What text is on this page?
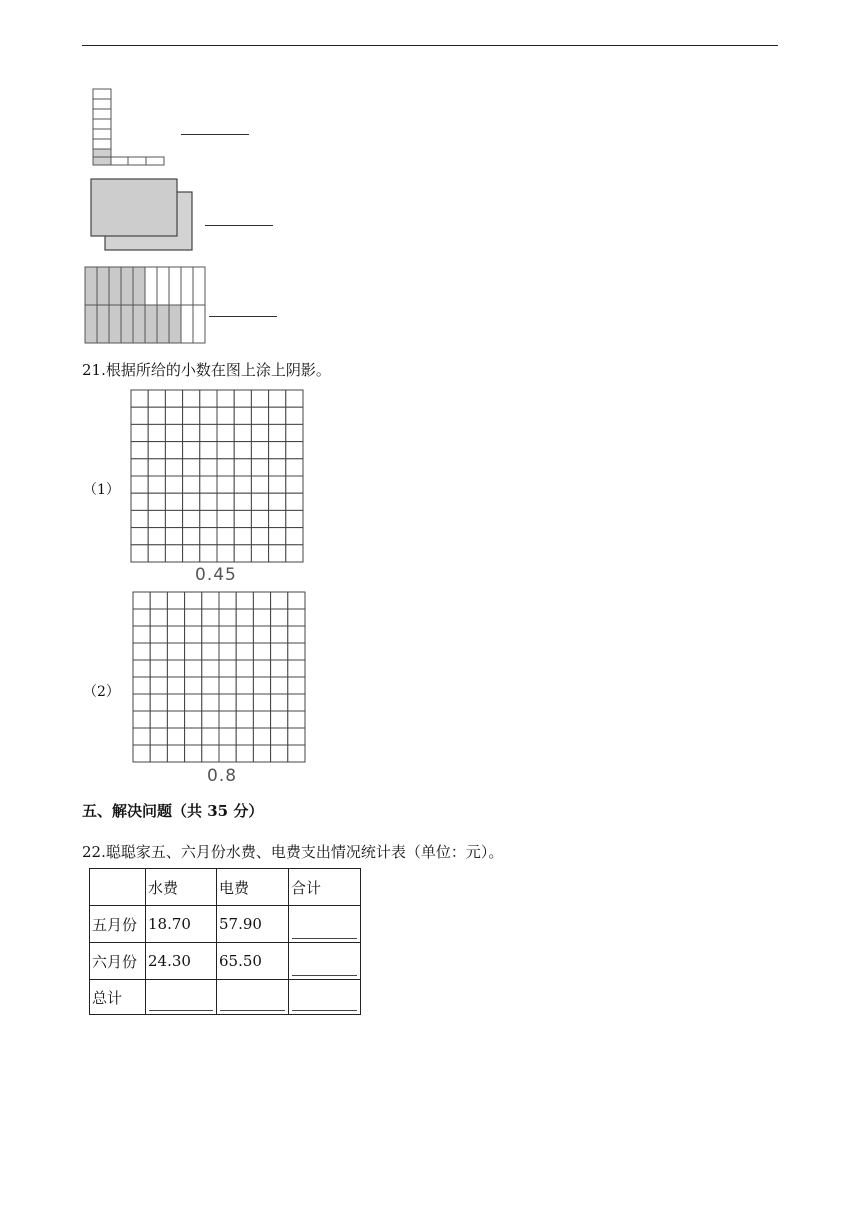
21.根据所给的小数在图上涂上阴影。
（1）
0.45
（2）
0.8
五、解决问题（共 35 分）
22.聪聪家五、六月份水费、电费支出情况统计表（单位：元）。
	水费	电费	合计
五月份	18.70	57.90	

六月份	24.30	65.50	

总计	
